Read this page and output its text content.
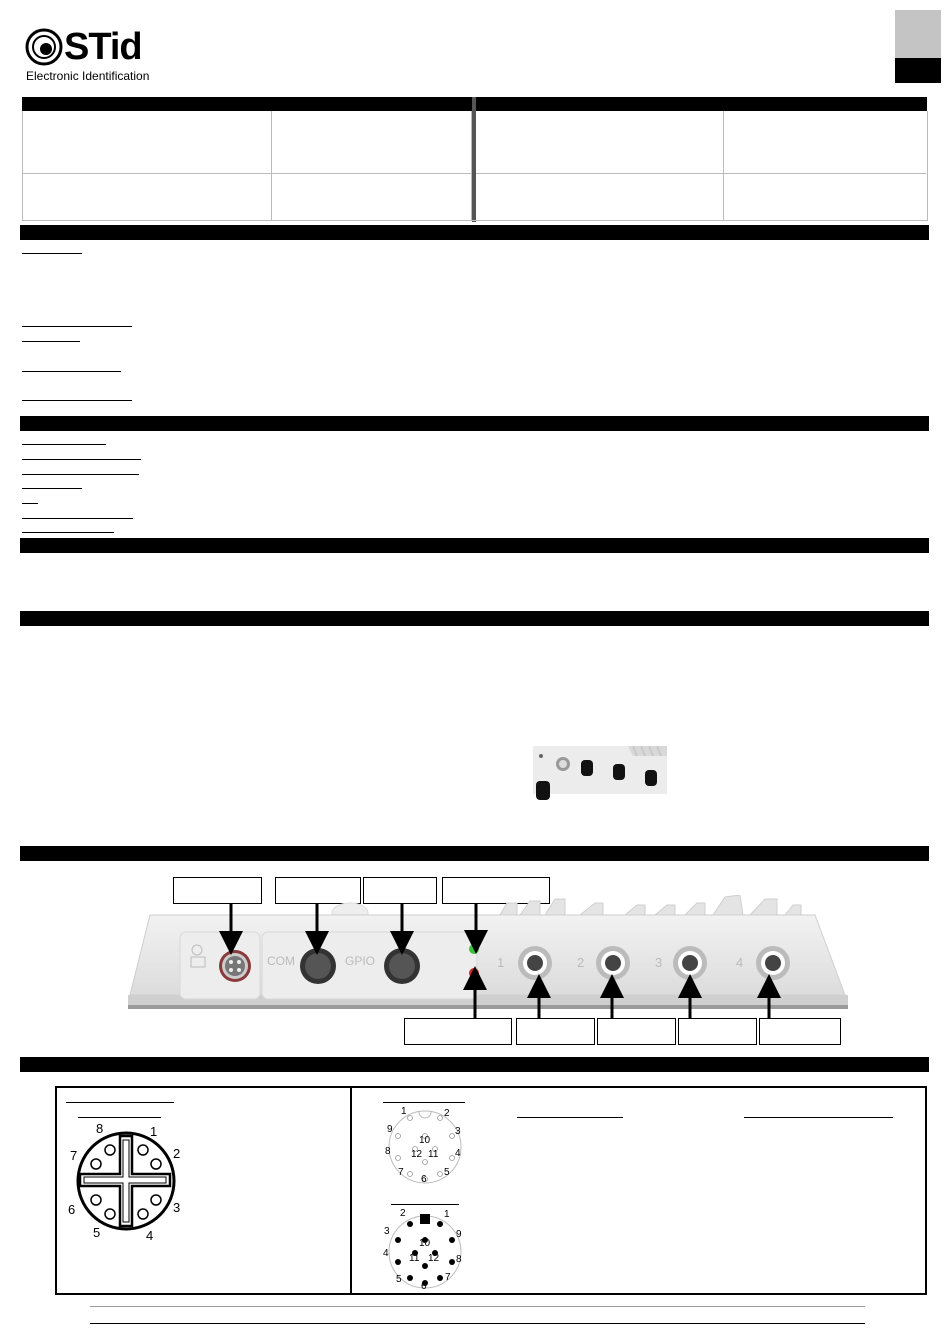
STid
Electronic Identification
COM	GPIO	1	2	3	4
8	1
7	2
6	3
5	4
1	2
9	3
10
8 12 11 4
7	5
6
2	1
3	9
10
4
8
11 12
5	7
6
